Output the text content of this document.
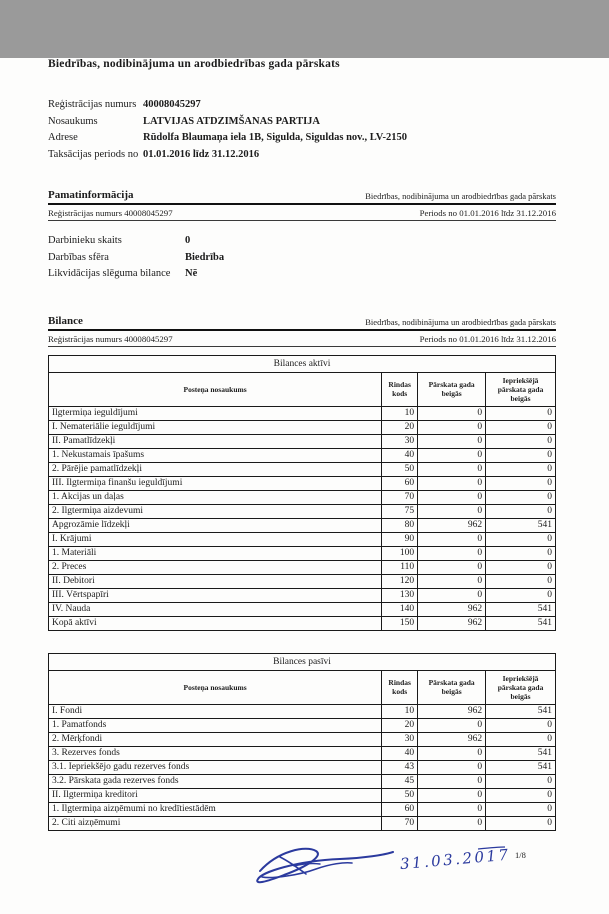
Biedrības, nodibinājuma un arodbiedrības gada pārskats
Reģistrācijas numurs 40008045297
Nosaukums	LATVIJAS ATDZIMŠANAS PARTIJA
Adrese	Rūdolfa Blaumaņa iela 1B, Sigulda, Siguldas nov., LV-2150
Taksācijas periods no 01.01.2016 līdz 31.12.2016
Pamatinformācija	Biedrības, nodibinājuma un arodbiedrības gada pārskats
Reģistrācijas numurs 40008045297	Periods no 01.01.2016 līdz 31.12.2016
Darbinieku skaits	0
Darbības sfēra	Biedrība
Likvidācijas slēguma bilance	Nē
Bilance	Biedrības, nodibinājuma un arodbiedrības gada pārskats
Reģistrācijas numurs 40008045297	Periods no 01.01.2016 līdz 31.12.2016
Bilances aktīvi			
Posteņa nosaukums	Rindas kods	Pārskata gada beigās	Iepriekšējā pārskata gada beigās
Ilgtermiņa ieguldījumi	10	0	0
I. Nemateriālie ieguldījumi	20	0	0
II. Pamatlīdzekļi	30	0	0
1. Nekustamais īpašums	40	0	0
2. Pārējie pamatlīdzekļi	50	0	0
III. Ilgtermiņa finanšu ieguldījumi	60	0	0
1. Akcijas un daļas	70	0	0
2. Ilgtermiņa aizdevumi	75	0	0
Apgrozāmie līdzekļi	80	962	541
I. Krājumi	90	0	0
1. Materiāli	100	0	0
2. Preces	110	0	0
II. Debitori	120	0	0
III. Vērtspapīri	130	0	0
IV. Nauda	140	962	541
Kopā aktīvi	150	962	541
Bilances pasīvi			
Posteņa nosaukums	Rindas kods	Pārskata gada beigās	Iepriekšējā pārskata gada beigās
I. Fondi	10	962	541
1. Pamatfonds	20	0	0
2. Mērķfondi	30	962	0
3. Rezerves fonds	40	0	541
3.1. Iepriekšējo gadu rezerves fonds	43	0	541
3.2. Pārskata gada rezerves fonds	45	0	0
II. Ilgtermiņa kreditori	50	0	0
1. Ilgtermiņa aizņēmumi no kredītiestādēm	60	0	0
2. Citi aizņēmumi	70	0	0
31.03.2017 1/8
